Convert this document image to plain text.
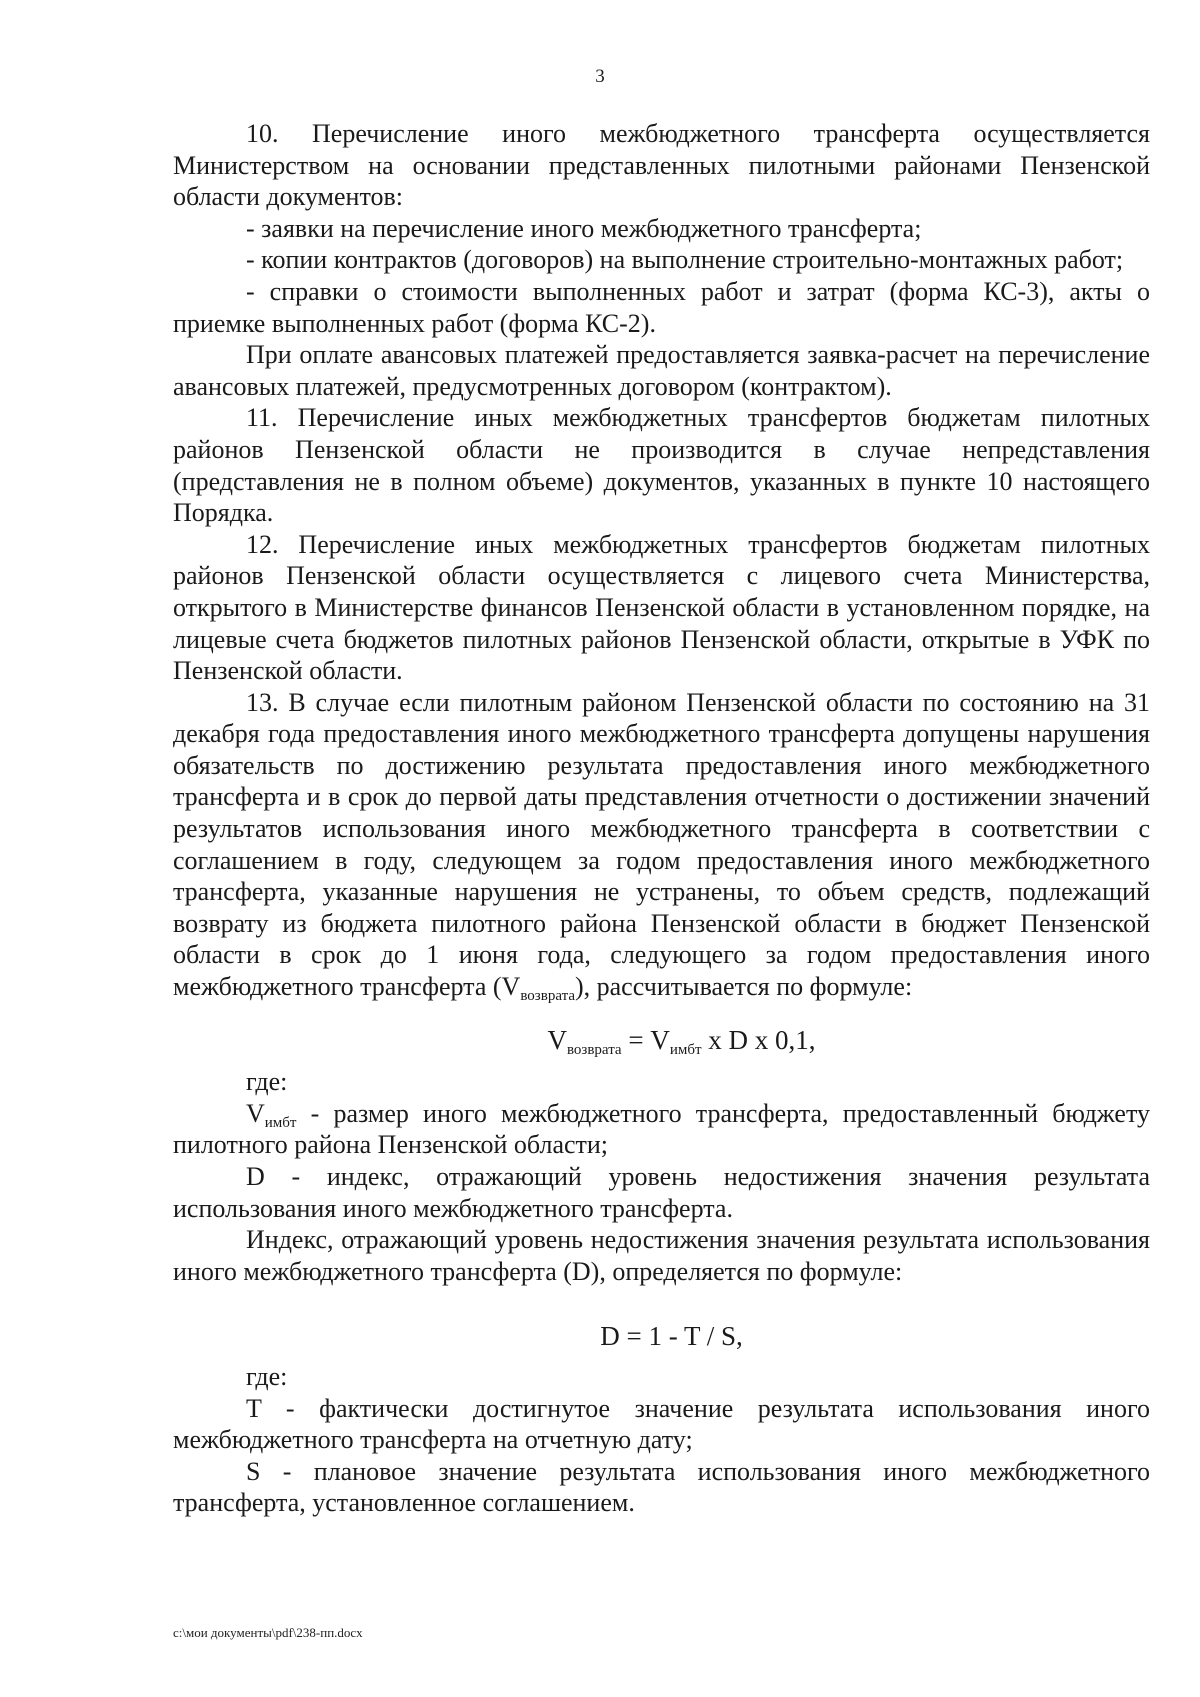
3

10. Перечисление иного межбюджетного трансферта осуществляется Министерством на основании представленных пилотными районами Пензенской области документов:

- заявки на перечисление иного межбюджетного трансферта;

- копии контрактов (договоров) на выполнение строительно-монтажных работ;

- справки о стоимости выполненных работ и затрат (форма КС-3), акты о приемке выполненных работ (форма КС-2).

При оплате авансовых платежей предоставляется заявка-расчет на перечисление авансовых платежей, предусмотренных договором (контрактом).

11. Перечисление иных межбюджетных трансфертов бюджетам пилотных районов Пензенской области не производится в случае непредставления (представления не в полном объеме) документов, указанных в пункте 10 настоящего Порядка.

12. Перечисление иных межбюджетных трансфертов бюджетам пилотных районов Пензенской области осуществляется с лицевого счета Министерства, открытого в Министерстве финансов Пензенской области в установленном порядке, на лицевые счета бюджетов пилотных районов Пензенской области, открытые в УФК по Пензенской области.

13. В случае если пилотным районом Пензенской области по состоянию на 31 декабря года предоставления иного межбюджетного трансферта допущены нарушения обязательств по достижению результата предоставления иного межбюджетного трансферта и в срок до первой даты представления отчетности о достижении значений результатов использования иного межбюджетного трансферта в соответствии с соглашением в году, следующем за годом предоставления иного межбюджетного трансферта, указанные нарушения не устранены, то объем средств, подлежащий возврату из бюджета пилотного района Пензенской области в бюджет Пензенской области в срок до 1 июня года, следующего за годом предоставления иного межбюджетного трансферта $(V_{возврата})$, рассчитывается по формуле:

$V_{возврата} = V_{имбт}$ х D х 0,1,

где:

$V_{имбт}$ - размер иного межбюджетного трансферта, предоставленный бюджету пилотного района Пензенской области;

D - индекс, отражающий уровень недостижения значения результата использования иного межбюджетного трансферта.

Индекс, отражающий уровень недостижения значения результата использования иного межбюджетного трансферта (D), определяется по формуле:

D = 1 - T / S,

где:

T - фактически достигнутое значение результата использования иного межбюджетного трансферта на отчетную дату;

S - плановое значение результата использования иного межбюджетного трансферта, установленное соглашением.

c:\мои документы\pdf\238-пп.docx
